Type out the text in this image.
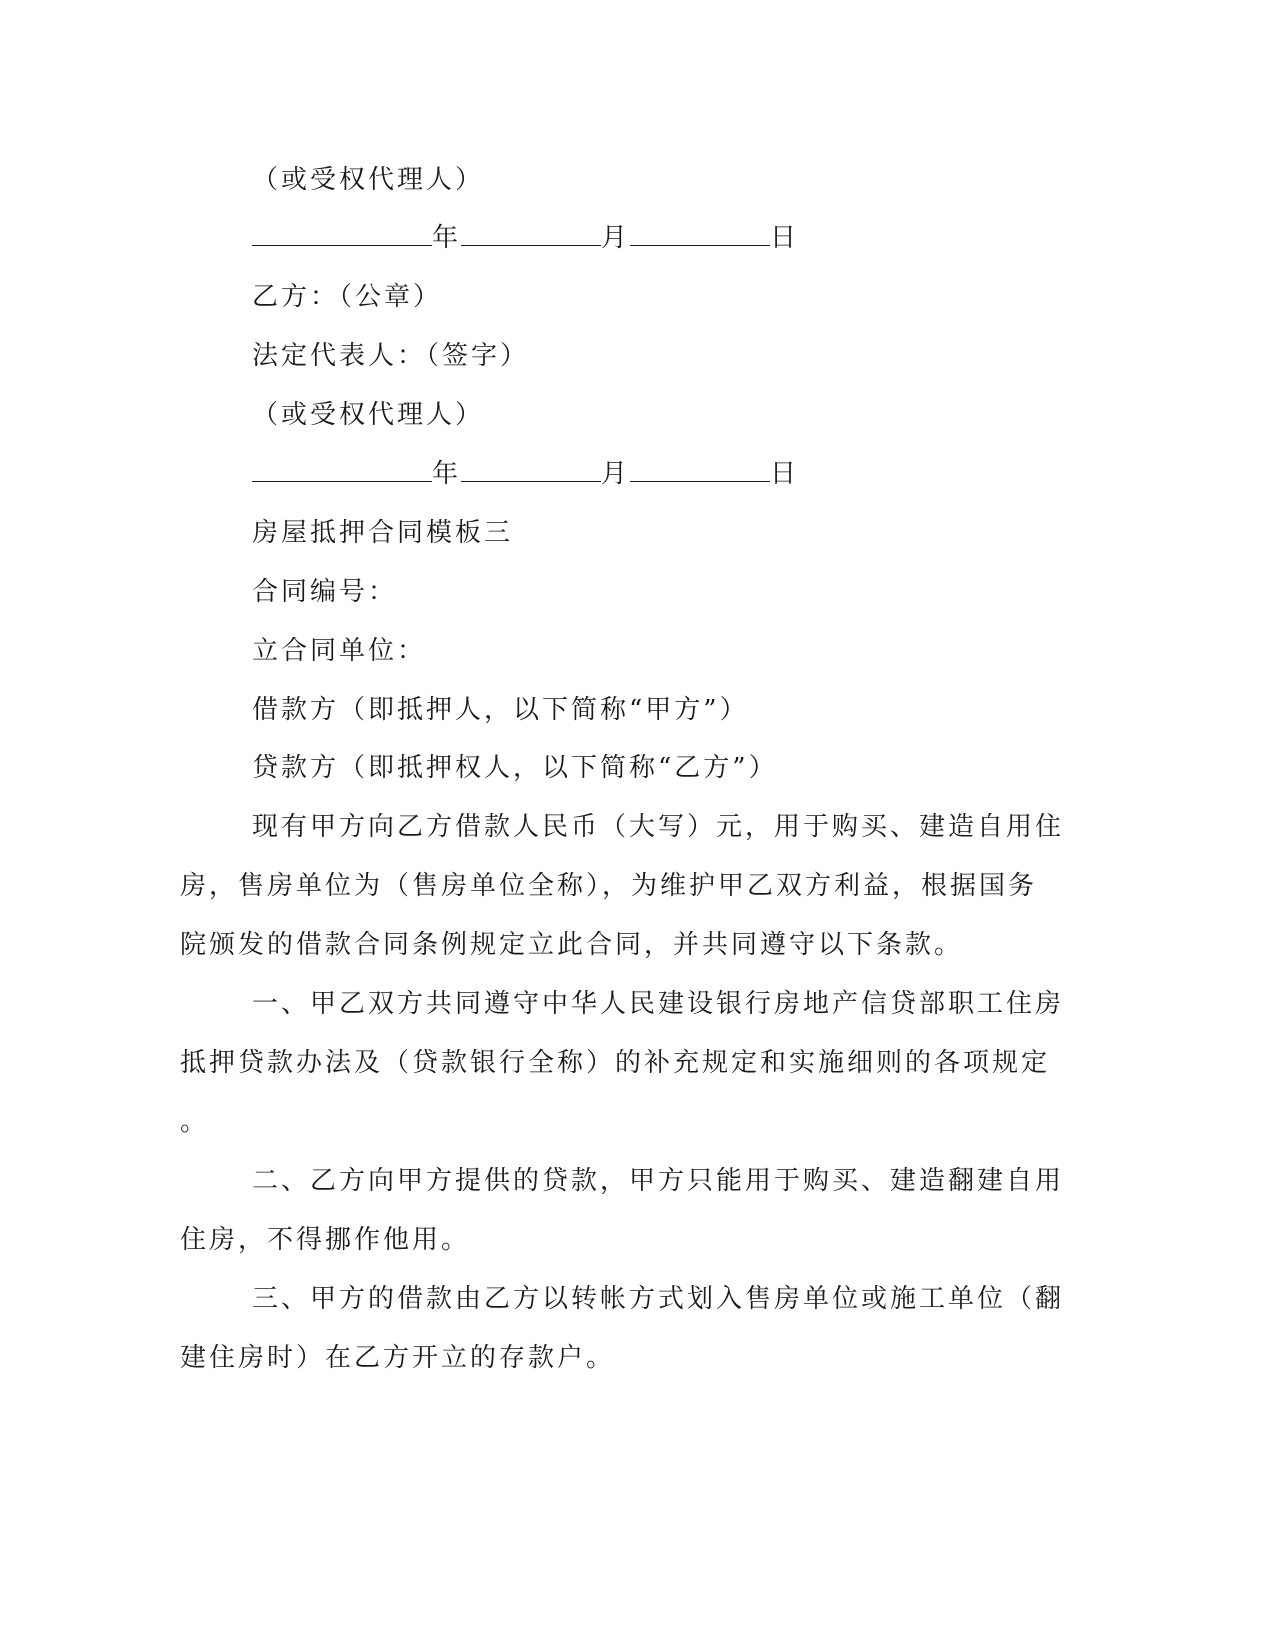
（或受权代理人）
年	月	日
乙方：（公章）
法定代表人：（签字）
（或受权代理人）
年	月	日
房屋抵押合同模板三
合同编号：
立合同单位：
借款方（即抵押人，以下简称“甲方”）
贷款方（即抵押权人，以下简称“乙方”）
现有甲方向乙方借款人民币（大写）元，用于购买、建造自用住
房，售房单位为（售房单位全称），为维护甲乙双方利益，根据国务
院颁发的借款合同条例规定立此合同，并共同遵守以下条款。
一、甲乙双方共同遵守中华人民建设银行房地产信贷部职工住房
抵押贷款办法及（贷款银行全称）的补充规定和实施细则的各项规定
。
二、乙方向甲方提供的贷款，甲方只能用于购买、建造翻建自用
住房，不得挪作他用。
三、甲方的借款由乙方以转帐方式划入售房单位或施工单位（翻
建住房时）在乙方开立的存款户。
